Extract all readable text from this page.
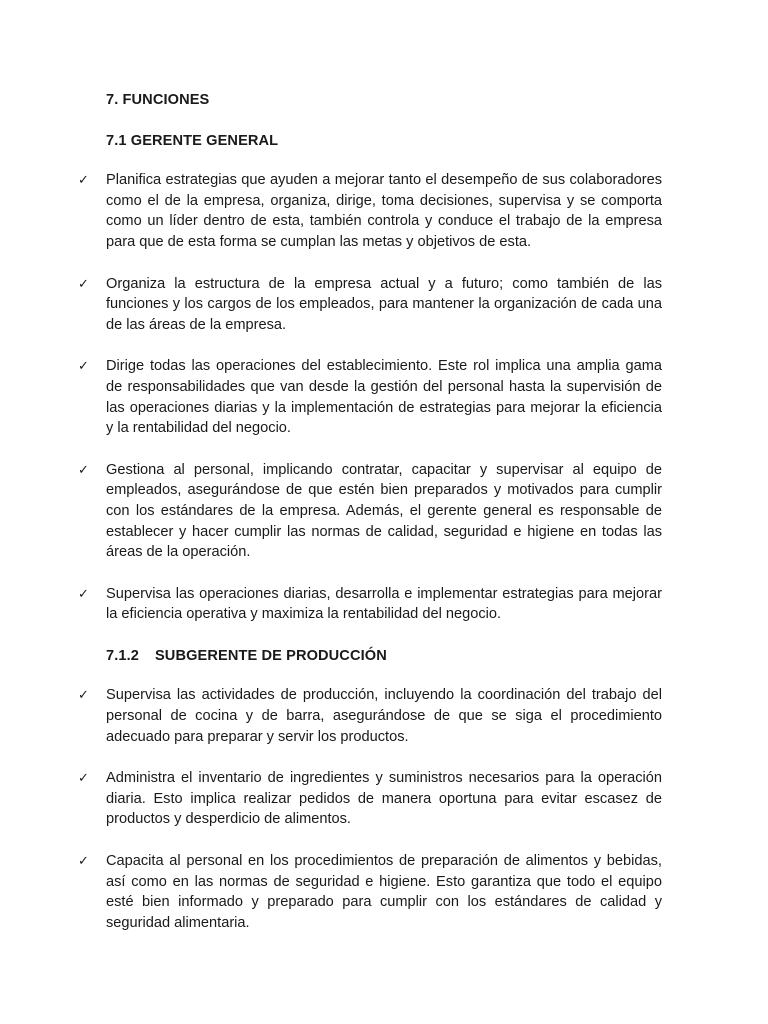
7. FUNCIONES

7.1 GERENTE GENERAL

✓	Planifica estrategias que ayuden a mejorar tanto el desempeño de sus colaboradores como el de la empresa, organiza, dirige, toma decisiones, supervisa y se comporta como un líder dentro de esta, también controla y conduce el trabajo de la empresa para que de esta forma se cumplan las metas y objetivos de esta.

✓	Organiza la estructura de la empresa actual y a futuro; como también de las funciones y los cargos de los empleados, para mantener la organización de cada una de las áreas de la empresa.

✓	Dirige todas las operaciones del establecimiento. Este rol implica una amplia gama de responsabilidades que van desde la gestión del personal hasta la supervisión de las operaciones diarias y la implementación de estrategias para mejorar la eficiencia y la rentabilidad del negocio.

✓	Gestiona al personal, implicando contratar, capacitar y supervisar al equipo de empleados, asegurándose de que estén bien preparados y motivados para cumplir con los estándares de la empresa. Además, el gerente general es responsable de establecer y hacer cumplir las normas de calidad, seguridad e higiene en todas las áreas de la operación.

✓	Supervisa las operaciones diarias, desarrolla e implementar estrategias para mejorar la eficiencia operativa y maximiza la rentabilidad del negocio.

7.1.2 SUBGERENTE DE PRODUCCIÓN

✓	Supervisa las actividades de producción, incluyendo la coordinación del trabajo del personal de cocina y de barra, asegurándose de que se siga el procedimiento adecuado para preparar y servir los productos.

✓	Administra el inventario de ingredientes y suministros necesarios para la operación diaria. Esto implica realizar pedidos de manera oportuna para evitar escasez de productos y desperdicio de alimentos.

✓	Capacita al personal en los procedimientos de preparación de alimentos y bebidas, así como en las normas de seguridad e higiene. Esto garantiza que todo el equipo esté bien informado y preparado para cumplir con los estándares de calidad y seguridad alimentaria.
